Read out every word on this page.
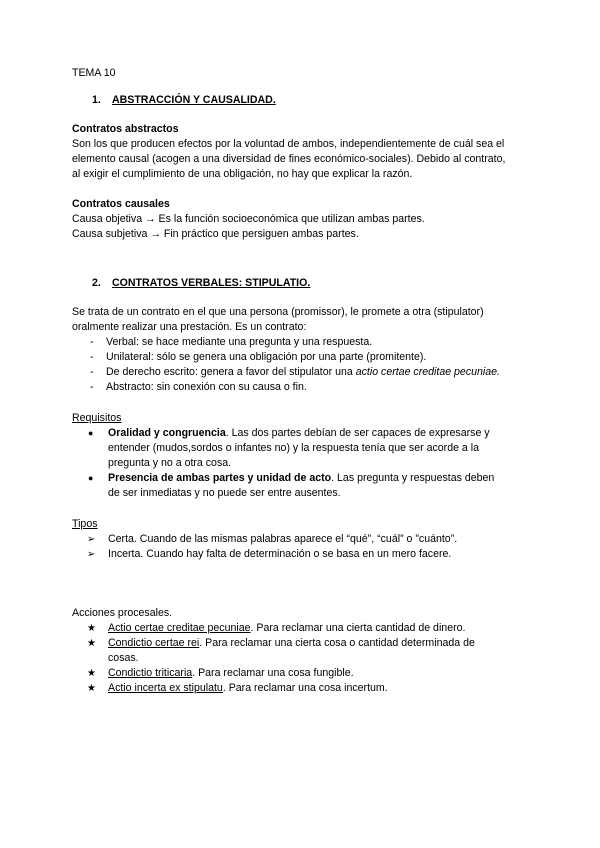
TEMA 10
1. ABSTRACCIÓN Y CAUSALIDAD.
Contratos abstractos
Son los que producen efectos por la voluntad de ambos, independientemente de cuál sea el
elemento causal (acogen a una diversidad de fines económico-sociales). Debido al contrato,
al exigir el cumplimiento de una obligación, no hay que explicar la razón.
Contratos causales
Causa objetiva → Es la función socioeconómica que utilizan ambas partes.
Causa subjetiva → Fin práctico que persiguen ambas partes.
2. CONTRATOS VERBALES: STIPULATIO.
Se trata de un contrato en el que una persona (promissor), le promete a otra (stipulator)
oralmente realizar una prestación. Es un contrato:
- Verbal: se hace mediante una pregunta y una respuesta.
- Unilateral: sólo se genera una obligación por una parte (promitente).
- De derecho escrito: genera a favor del stipulator una actio certae creditae pecuniae.
- Abstracto: sin conexión con su causa o fin.
Requisitos
● Oralidad y congruencia. Las dos partes debían de ser capaces de expresarse y
entender (mudos,sordos o infantes no) y la respuesta tenía que ser acorde a la
pregunta y no a otra cosa.
● Presencia de ambas partes y unidad de acto. Las pregunta y respuestas deben
de ser inmediatas y no puede ser entre ausentes.
Tipos
➢ Certa. Cuando de las mismas palabras aparece el “qué”, “cuál” o ”cuánto”.
➢ Incerta. Cuando hay falta de determinación o se basa en un mero facere.
Acciones procesales.
★ Actio certae creditae pecuniae. Para reclamar una cierta cantidad de dinero.
★ Condictio certae rei. Para reclamar una cierta cosa o cantidad determinada de
cosas.
★ Condictio triticaria. Para reclamar una cosa fungible.
★ Actio incerta ex stipulatu. Para reclamar una cosa incertum.
